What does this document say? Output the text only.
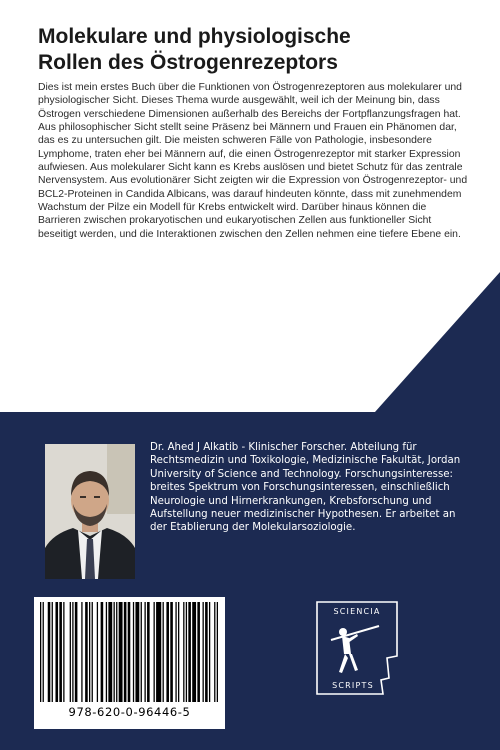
Molekulare und physiologische
Rollen des Östrogenrezeptors
Dies ist mein erstes Buch über die Funktionen von Östrogenrezeptoren aus molekularer und physiologischer Sicht. Dieses Thema wurde ausgewählt, weil ich der Meinung bin, dass Östrogen verschiedene Dimensionen außerhalb des Bereichs der Fortpflanzungsfragen hat. Aus philosophischer Sicht stellt seine Präsenz bei Männern und Frauen ein Phänomen dar, das es zu untersuchen gilt. Die meisten schweren Fälle von Pathologie, insbesondere Lymphome, traten eher bei Männern auf, die einen Östrogenrezeptor mit starker Expression aufwiesen. Aus molekularer Sicht kann es Krebs auslösen und bietet Schutz für das zentrale Nervensystem. Aus evolutionärer Sicht zeigten wir die Expression von Östrogenrezeptor- und BCL2-Proteinen in Candida Albicans, was darauf hindeuten könnte, dass mit zunehmendem Wachstum der Pilze ein Modell für Krebs entwickelt wird. Darüber hinaus können die Barrieren zwischen prokaryotischen und eukaryotischen Zellen aus funktioneller Sicht beseitigt werden, und die Interaktionen zwischen den Zellen nehmen eine tiefere Ebene ein.
Dr. Ahed J Alkatib - Klinischer Forscher. Abteilung für Rechtsmedizin und Toxikologie, Medizinische Fakultät, Jordan University of Science and Technology. Forschungsinteresse: breites Spektrum von Forschungsinteressen, einschließlich Neurologie und Hirnerkrankungen, Krebsforschung und Aufstellung neuer medizinischer Hypothesen. Er arbeitet an der Etablierung der Molekularsoziologie.
978-620-0-96446-5
SCIENCIA
SCRIPTS
